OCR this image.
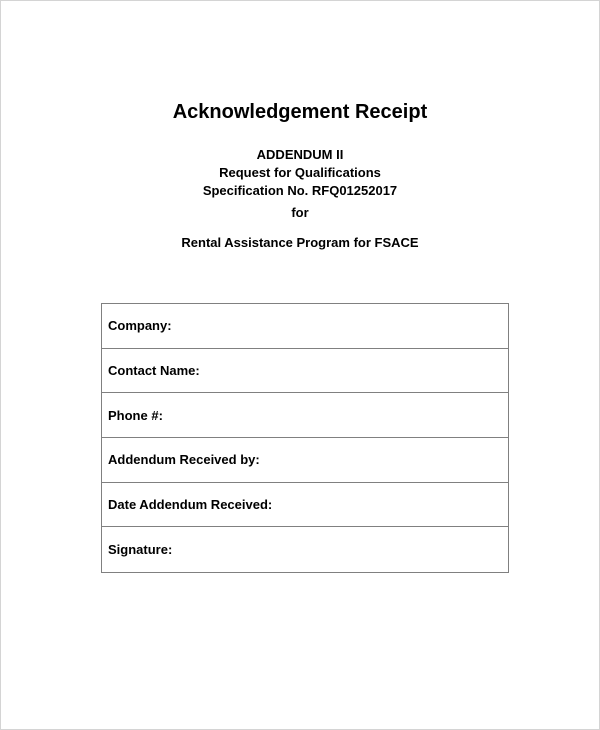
Acknowledgement Receipt
ADDENDUM II
Request for Qualifications
Specification No. RFQ01252017
for
Rental Assistance Program for FSACE
Company:
Contact Name:
Phone #:
Addendum Received by:
Date Addendum Received:
Signature:
